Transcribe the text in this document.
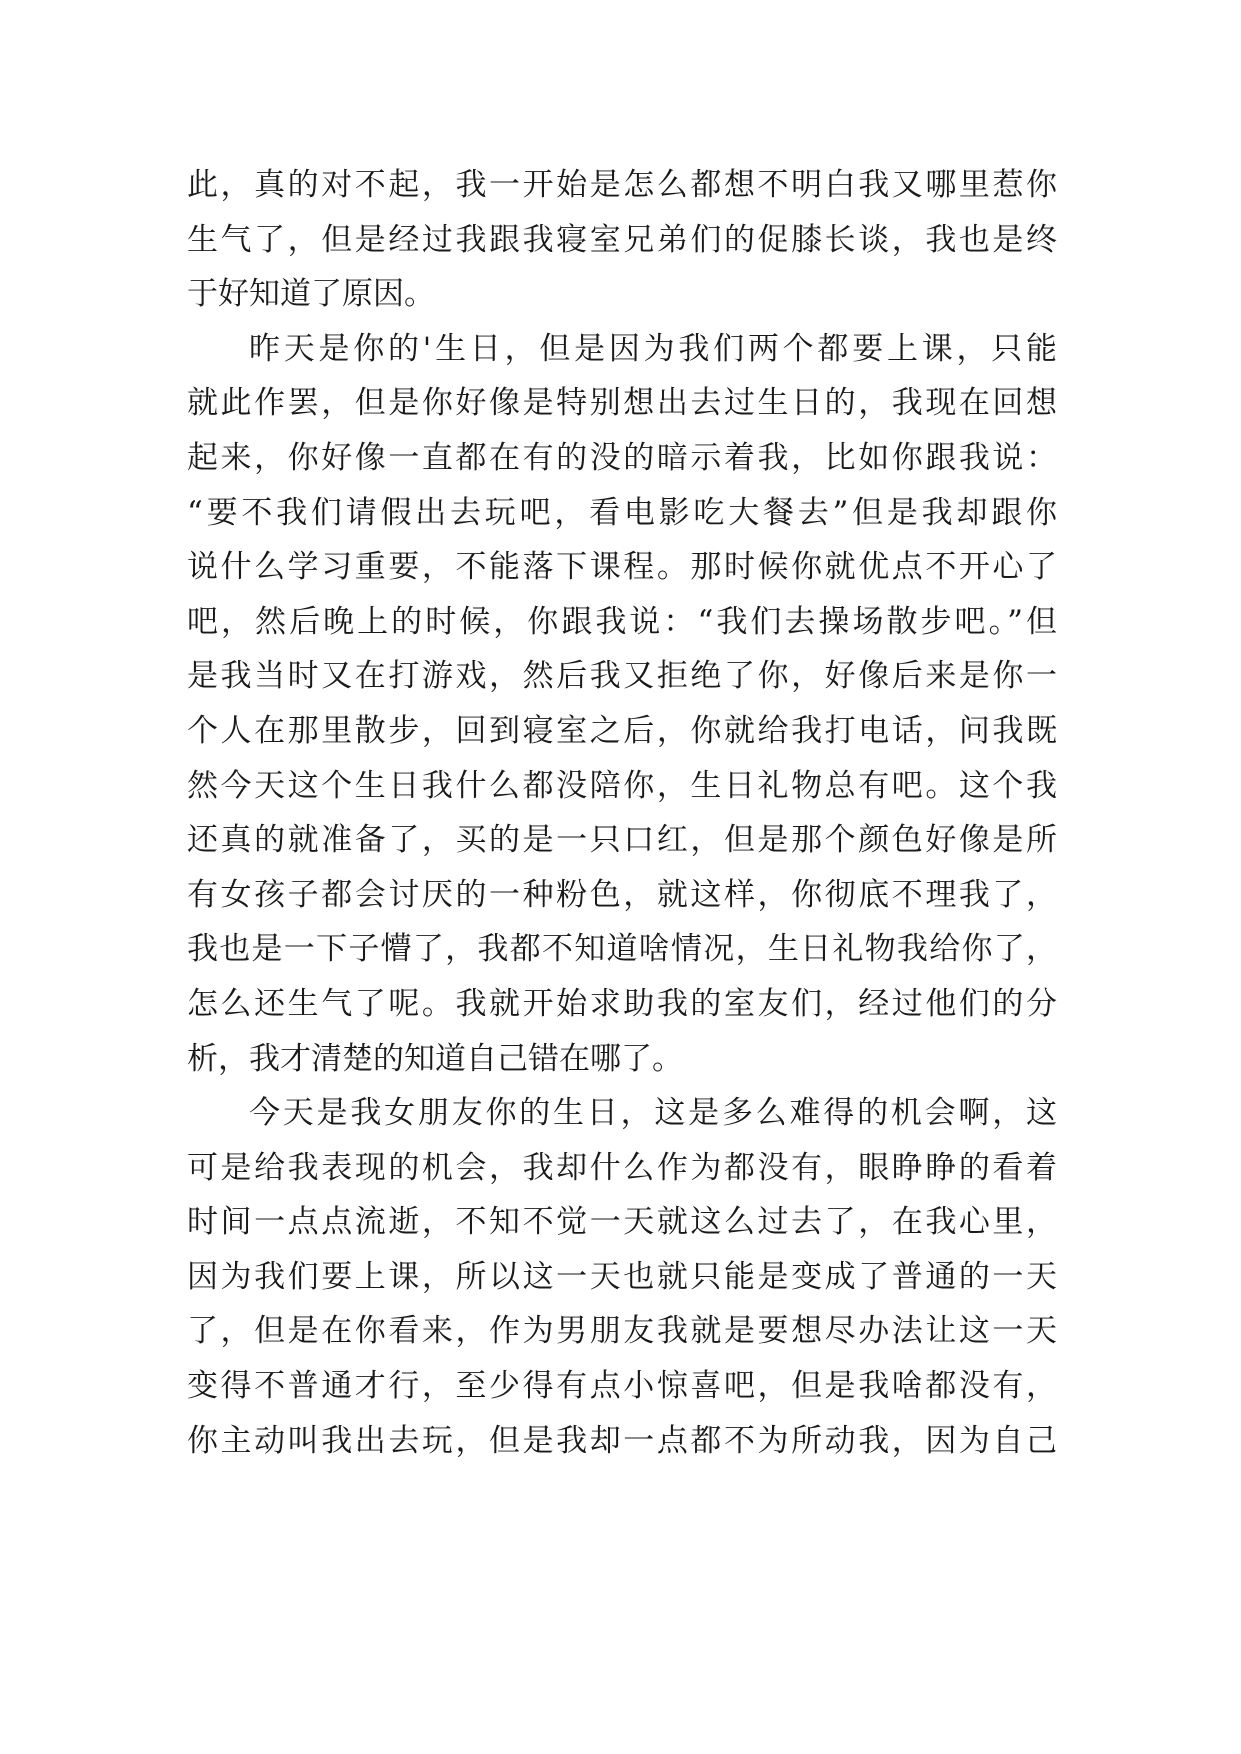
此，真的对不起，我一开始是怎么都想不明白我又哪里惹你
生气了，但是经过我跟我寝室兄弟们的促膝长谈，我也是终
于好知道了原因。
昨天是你的'生日，但是因为我们两个都要上课，只能
就此作罢，但是你好像是特别想出去过生日的，我现在回想
起来，你好像一直都在有的没的暗示着我，比如你跟我说：
“要不我们请假出去玩吧，看电影吃大餐去”但是我却跟你
说什么学习重要，不能落下课程。那时候你就优点不开心了
吧，然后晚上的时候，你跟我说：“我们去操场散步吧。”但
是我当时又在打游戏，然后我又拒绝了你，好像后来是你一
个人在那里散步，回到寝室之后，你就给我打电话，问我既
然今天这个生日我什么都没陪你，生日礼物总有吧。这个我
还真的就准备了，买的是一只口红，但是那个颜色好像是所
有女孩子都会讨厌的一种粉色，就这样，你彻底不理我了，
我也是一下子懵了，我都不知道啥情况，生日礼物我给你了，
怎么还生气了呢。我就开始求助我的室友们，经过他们的分
析，我才清楚的知道自己错在哪了。
今天是我女朋友你的生日，这是多么难得的机会啊，这
可是给我表现的机会，我却什么作为都没有，眼睁睁的看着
时间一点点流逝，不知不觉一天就这么过去了，在我心里，
因为我们要上课，所以这一天也就只能是变成了普通的一天
了，但是在你看来，作为男朋友我就是要想尽办法让这一天
变得不普通才行，至少得有点小惊喜吧，但是我啥都没有，
你主动叫我出去玩，但是我却一点都不为所动我，因为自己
